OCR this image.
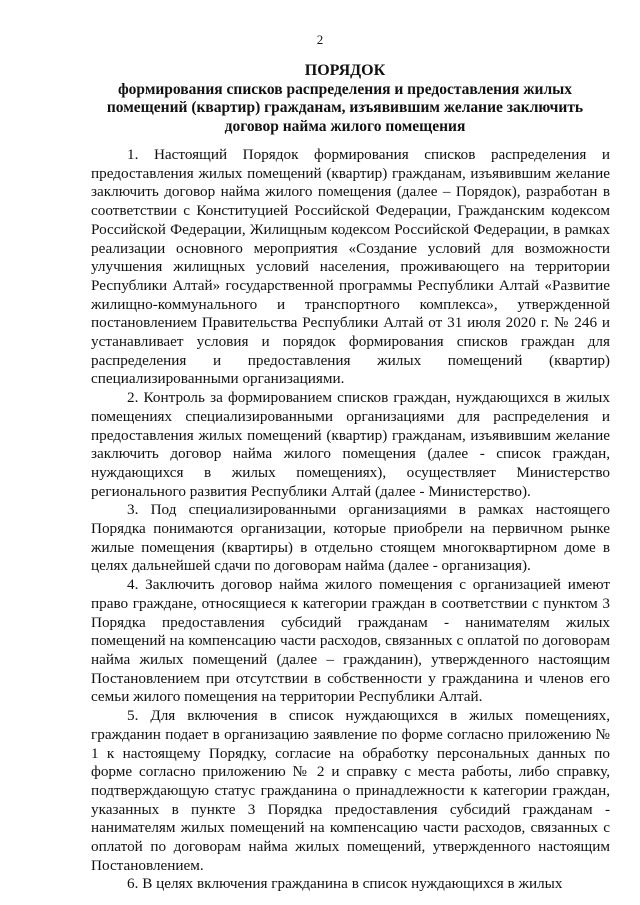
2
ПОРЯДОК
формирования списков распределения и предоставления жилых помещений (квартир) гражданам, изъявившим желание заключить договор найма жилого помещения

1. Настоящий Порядок формирования списков распределения и предоставления жилых помещений (квартир) гражданам, изъявившим желание заключить договор найма жилого помещения (далее – Порядок), разработан в соответствии с Конституцией Российской Федерации, Гражданским кодексом Российской Федерации, Жилищным кодексом Российской Федерации, в рамках реализации основного мероприятия «Создание условий для возможности улучшения жилищных условий населения, проживающего на территории Республики Алтай» государственной программы Республики Алтай «Развитие жилищно-коммунального и транспортного комплекса», утвержденной постановлением Правительства Республики Алтай от 31 июля 2020 г. № 246 и устанавливает условия и порядок формирования списков граждан для распределения и предоставления жилых помещений (квартир) специализированными организациями.

2. Контроль за формированием списков граждан, нуждающихся в жилых помещениях специализированными организациями для распределения и предоставления жилых помещений (квартир) гражданам, изъявившим желание заключить договор найма жилого помещения (далее - список граждан, нуждающихся в жилых помещениях), осуществляет Министерство регионального развития Республики Алтай (далее - Министерство).

3. Под специализированными организациями в рамках настоящего Порядка понимаются организации, которые приобрели на первичном рынке жилые помещения (квартиры) в отдельно стоящем многоквартирном доме в целях дальнейшей сдачи по договорам найма (далее - организация).

4. Заключить договор найма жилого помещения с организацией имеют право граждане, относящиеся к категории граждан в соответствии с пунктом 3 Порядка предоставления субсидий гражданам - нанимателям жилых помещений на компенсацию части расходов, связанных с оплатой по договорам найма жилых помещений (далее – гражданин), утвержденного настоящим Постановлением при отсутствии в собственности у гражданина и членов его семьи жилого помещения на территории Республики Алтай.

5. Для включения в список нуждающихся в жилых помещениях, гражданин подает в организацию заявление по форме согласно приложению № 1 к настоящему Порядку, согласие на обработку персональных данных по форме согласно приложению № 2 и справку с места работы, либо справку, подтверждающую статус гражданина о принадлежности к категории граждан, указанных в пункте 3 Порядка предоставления субсидий гражданам - нанимателям жилых помещений на компенсацию части расходов, связанных с оплатой по договорам найма жилых помещений, утвержденного настоящим Постановлением.

6. В целях включения гражданина в список нуждающихся в жилых
